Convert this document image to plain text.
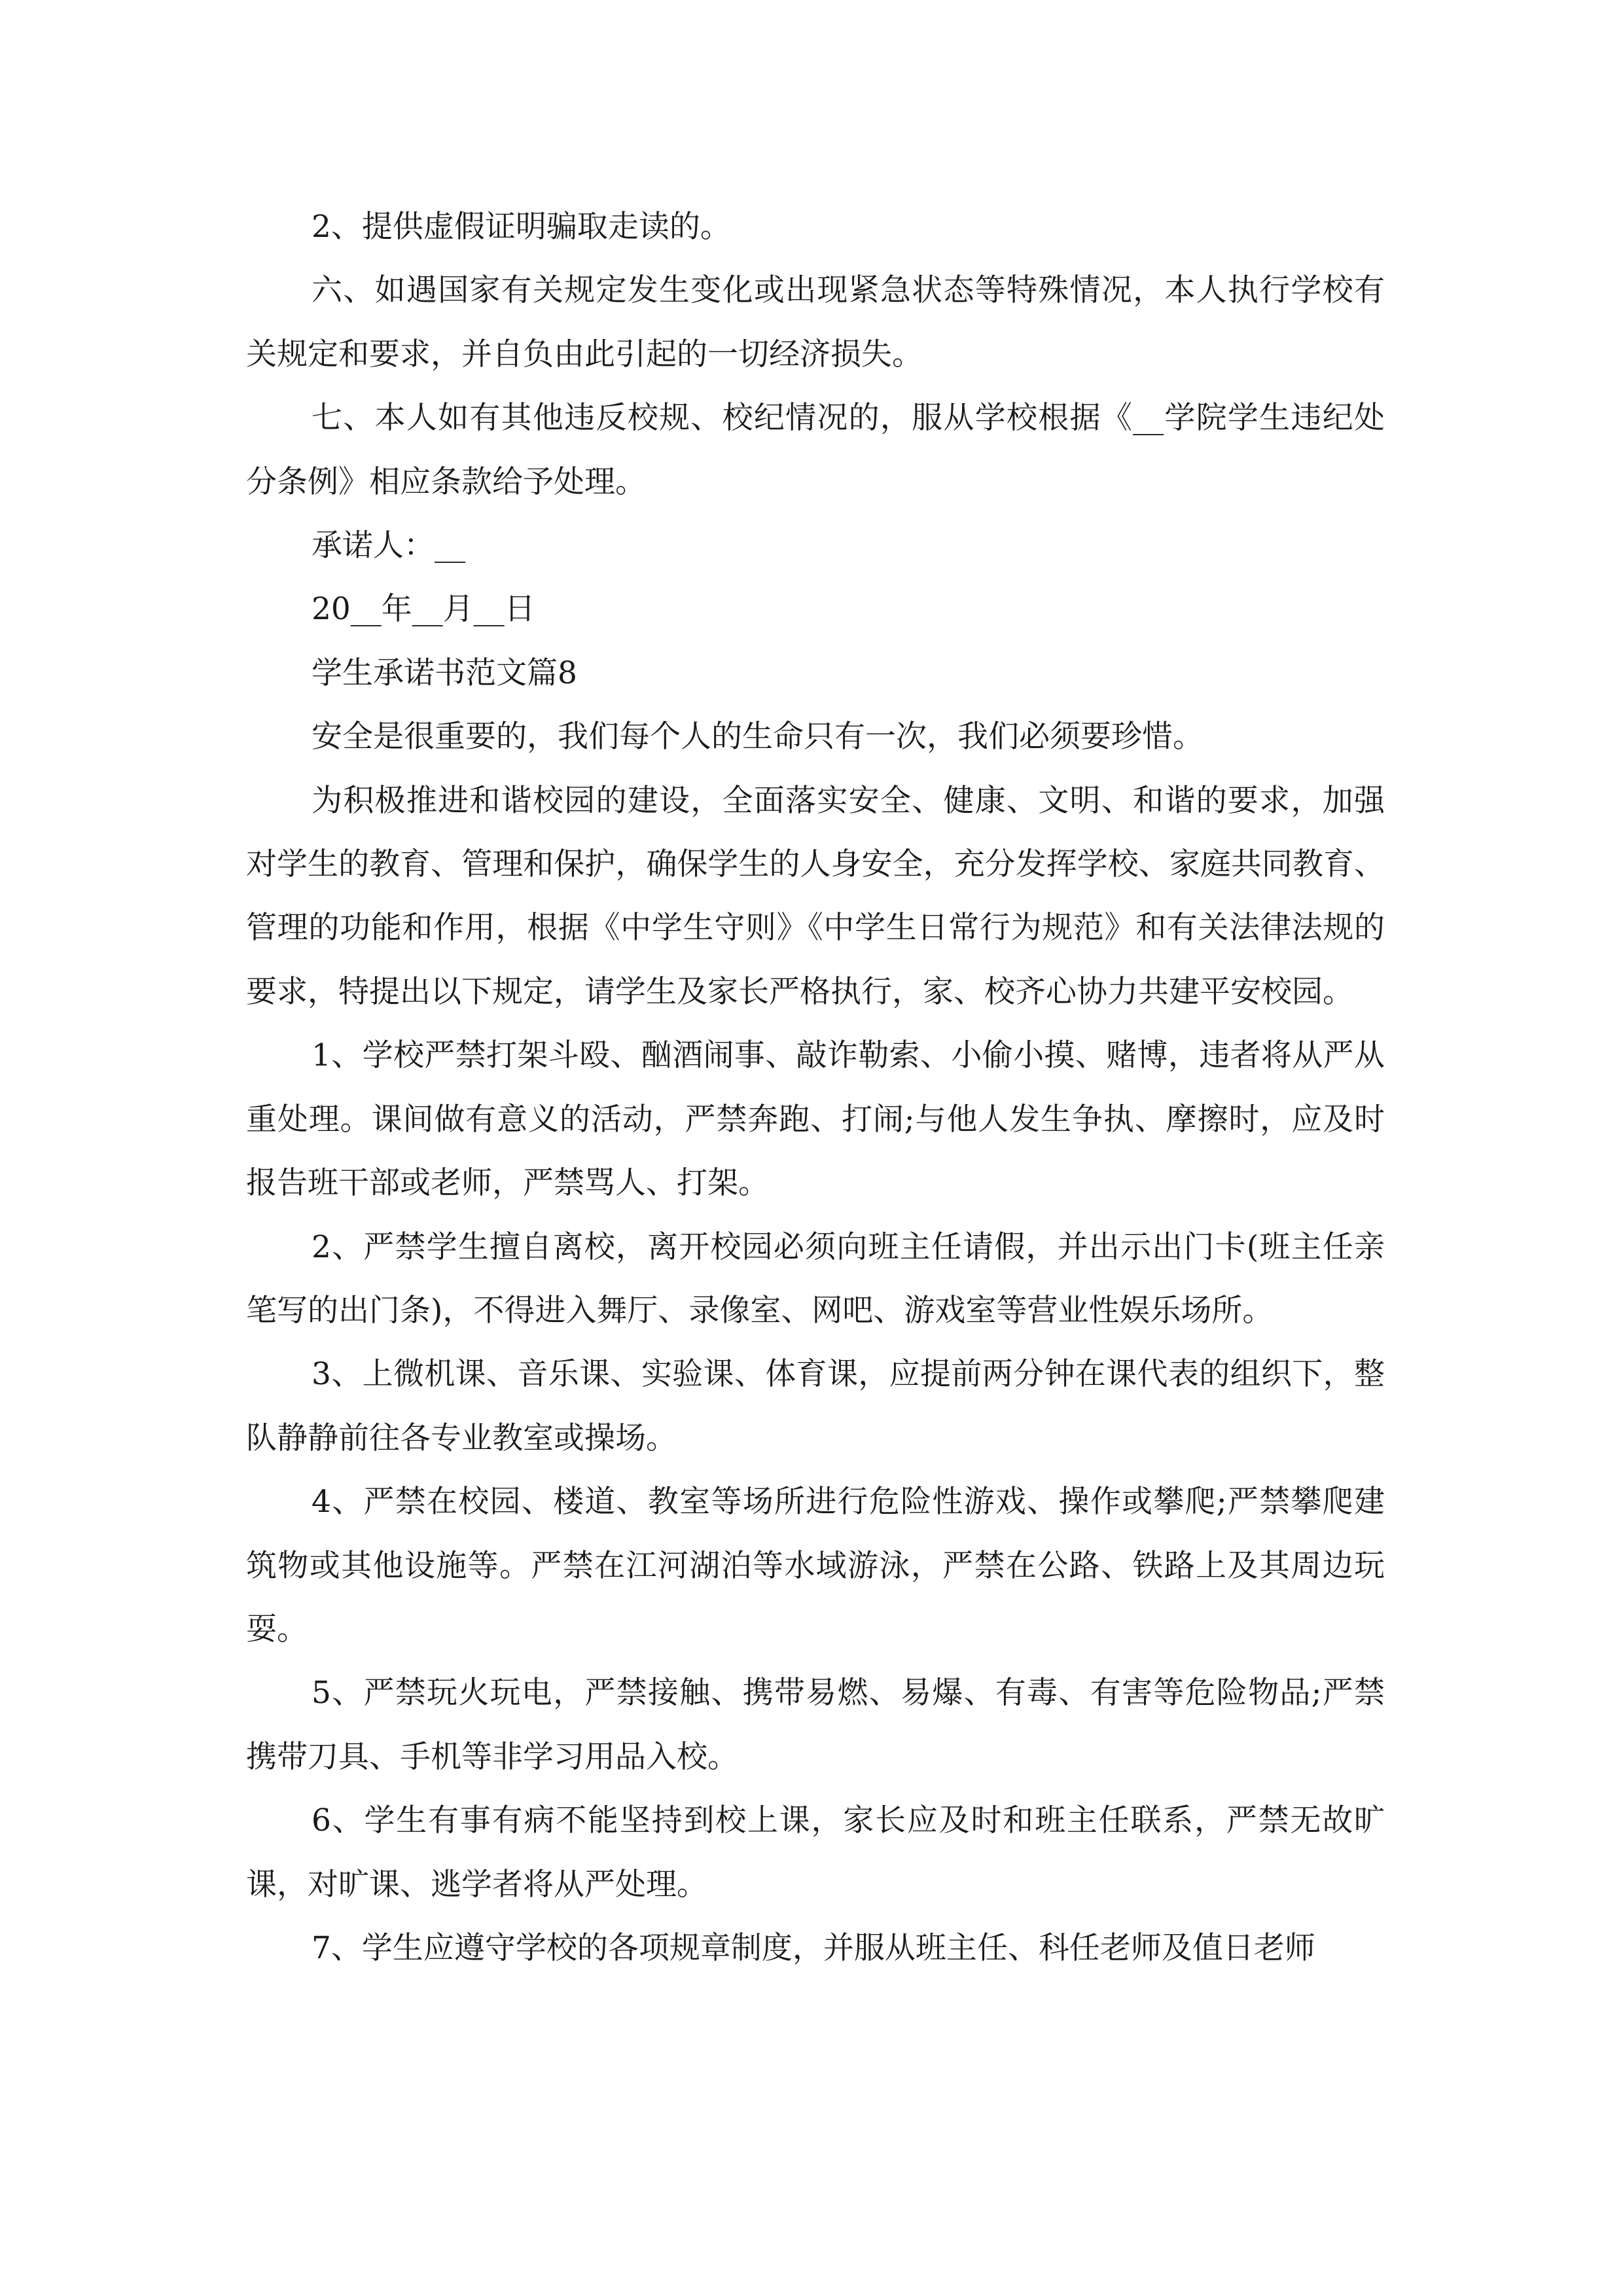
2、提供虚假证明骗取走读的。

六、如遇国家有关规定发生变化或出现紧急状态等特殊情况，本人执行学校有关规定和要求，并自负由此引起的一切经济损失。

七、本人如有其他违反校规、校纪情况的，服从学校根据《__学院学生违纪处分条例》相应条款给予处理。

承诺人：__

20__年__月__日

学生承诺书范文篇8

安全是很重要的，我们每个人的生命只有一次，我们必须要珍惜。

为积极推进和谐校园的建设，全面落实安全、健康、文明、和谐的要求，加强对学生的教育、管理和保护，确保学生的人身安全，充分发挥学校、家庭共同教育、管理的功能和作用，根据《中学生守则》《中学生日常行为规范》和有关法律法规的要求，特提出以下规定，请学生及家长严格执行，家、校齐心协力共建平安校园。

1、学校严禁打架斗殴、酗酒闹事、敲诈勒索、小偷小摸、赌博，违者将从严从重处理。课间做有意义的活动，严禁奔跑、打闹;与他人发生争执、摩擦时，应及时报告班干部或老师，严禁骂人、打架。

2、严禁学生擅自离校，离开校园必须向班主任请假，并出示出门卡(班主任亲笔写的出门条)，不得进入舞厅、录像室、网吧、游戏室等营业性娱乐场所。

3、上微机课、音乐课、实验课、体育课，应提前两分钟在课代表的组织下，整队静静前往各专业教室或操场。

4、严禁在校园、楼道、教室等场所进行危险性游戏、操作或攀爬;严禁攀爬建筑物或其他设施等。严禁在江河湖泊等水域游泳，严禁在公路、铁路上及其周边玩耍。

5、严禁玩火玩电，严禁接触、携带易燃、易爆、有毒、有害等危险物品;严禁携带刀具、手机等非学习用品入校。

6、学生有事有病不能坚持到校上课，家长应及时和班主任联系，严禁无故旷课，对旷课、逃学者将从严处理。

7、学生应遵守学校的各项规章制度，并服从班主任、科任老师及值日老师
